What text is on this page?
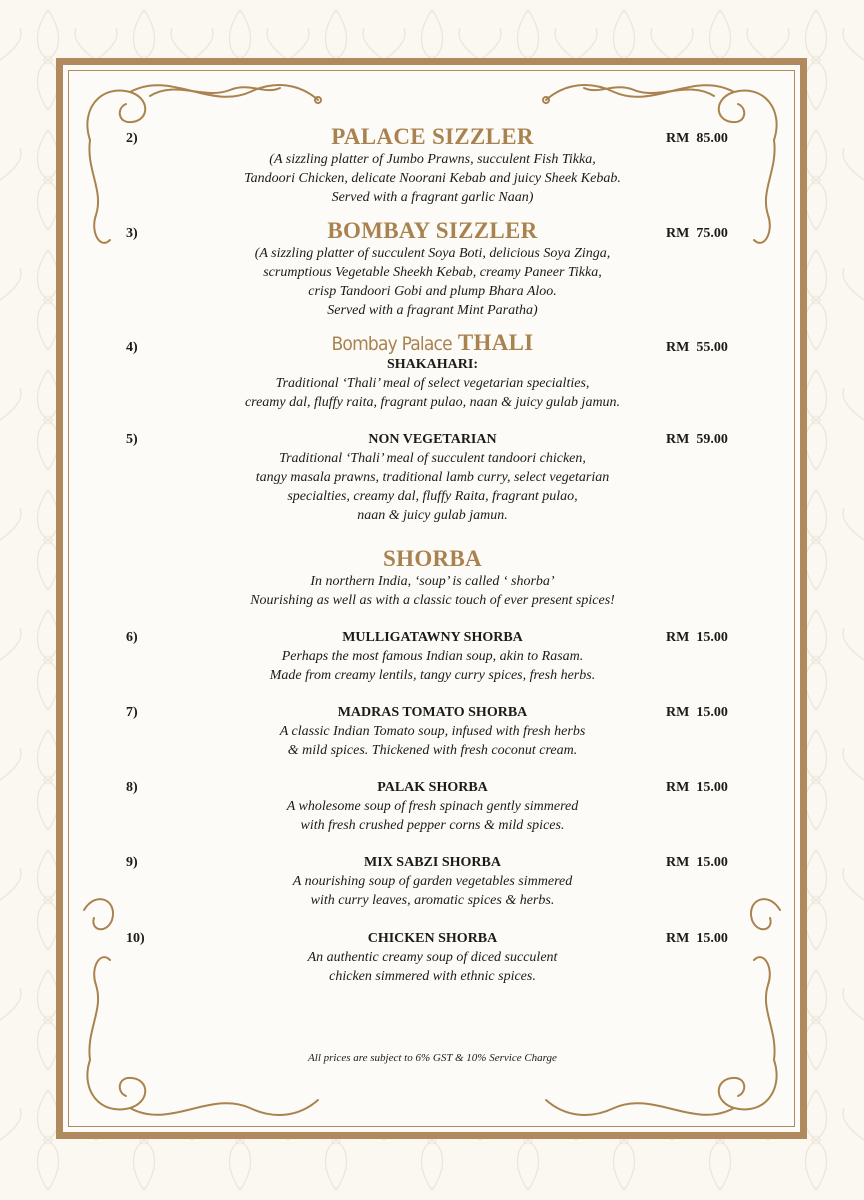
2)	RM  85.00
PALACE SIZZLER
(A sizzling platter of Jumbo Prawns, succulent Fish Tikka,
Tandoori Chicken, delicate Noorani Kebab and juicy Sheek Kebab.
Served with a fragrant garlic Naan)
3)	RM  75.00
BOMBAY SIZZLER
(A sizzling platter of succulent Soya Boti, delicious Soya Zinga,
scrumptious Vegetable Sheekh Kebab, creamy Paneer Tikka,
crisp Tandoori Gobi and plump Bhara Aloo.
Served with a fragrant Mint Paratha)
4)	RM  55.00
Bombay Palace THALI
SHAKAHARI:
Traditional ‘Thali’ meal of select vegetarian specialties,
creamy dal, fluffy raita, fragrant pulao, naan & juicy gulab jamun.
5)	RM  59.00
NON VEGETARIAN
Traditional ‘Thali’ meal of succulent tandoori chicken,
tangy masala prawns, traditional lamb curry, select vegetarian
specialties, creamy dal, fluffy Raita, fragrant pulao,
naan & juicy gulab jamun.
SHORBA
In northern India, ‘soup’ is called ‘ shorba’
Nourishing as well as with a classic touch of ever present spices!
6)	RM  15.00
MULLIGATAWNY SHORBA
Perhaps the most famous Indian soup, akin to Rasam.
Made from creamy lentils, tangy curry spices, fresh herbs.
7)	RM  15.00
MADRAS TOMATO SHORBA
A classic Indian Tomato soup, infused with fresh herbs
& mild spices. Thickened with fresh coconut cream.
8)	RM  15.00
PALAK SHORBA
A wholesome soup of fresh spinach gently simmered
with fresh crushed pepper corns & mild spices.
9)	RM  15.00
MIX SABZI SHORBA
A nourishing soup of garden vegetables simmered
with curry leaves, aromatic spices & herbs.
10)	RM  15.00
CHICKEN SHORBA
An authentic creamy soup of diced succulent
chicken simmered with ethnic spices.
All prices are subject to 6% GST & 10% Service Charge
